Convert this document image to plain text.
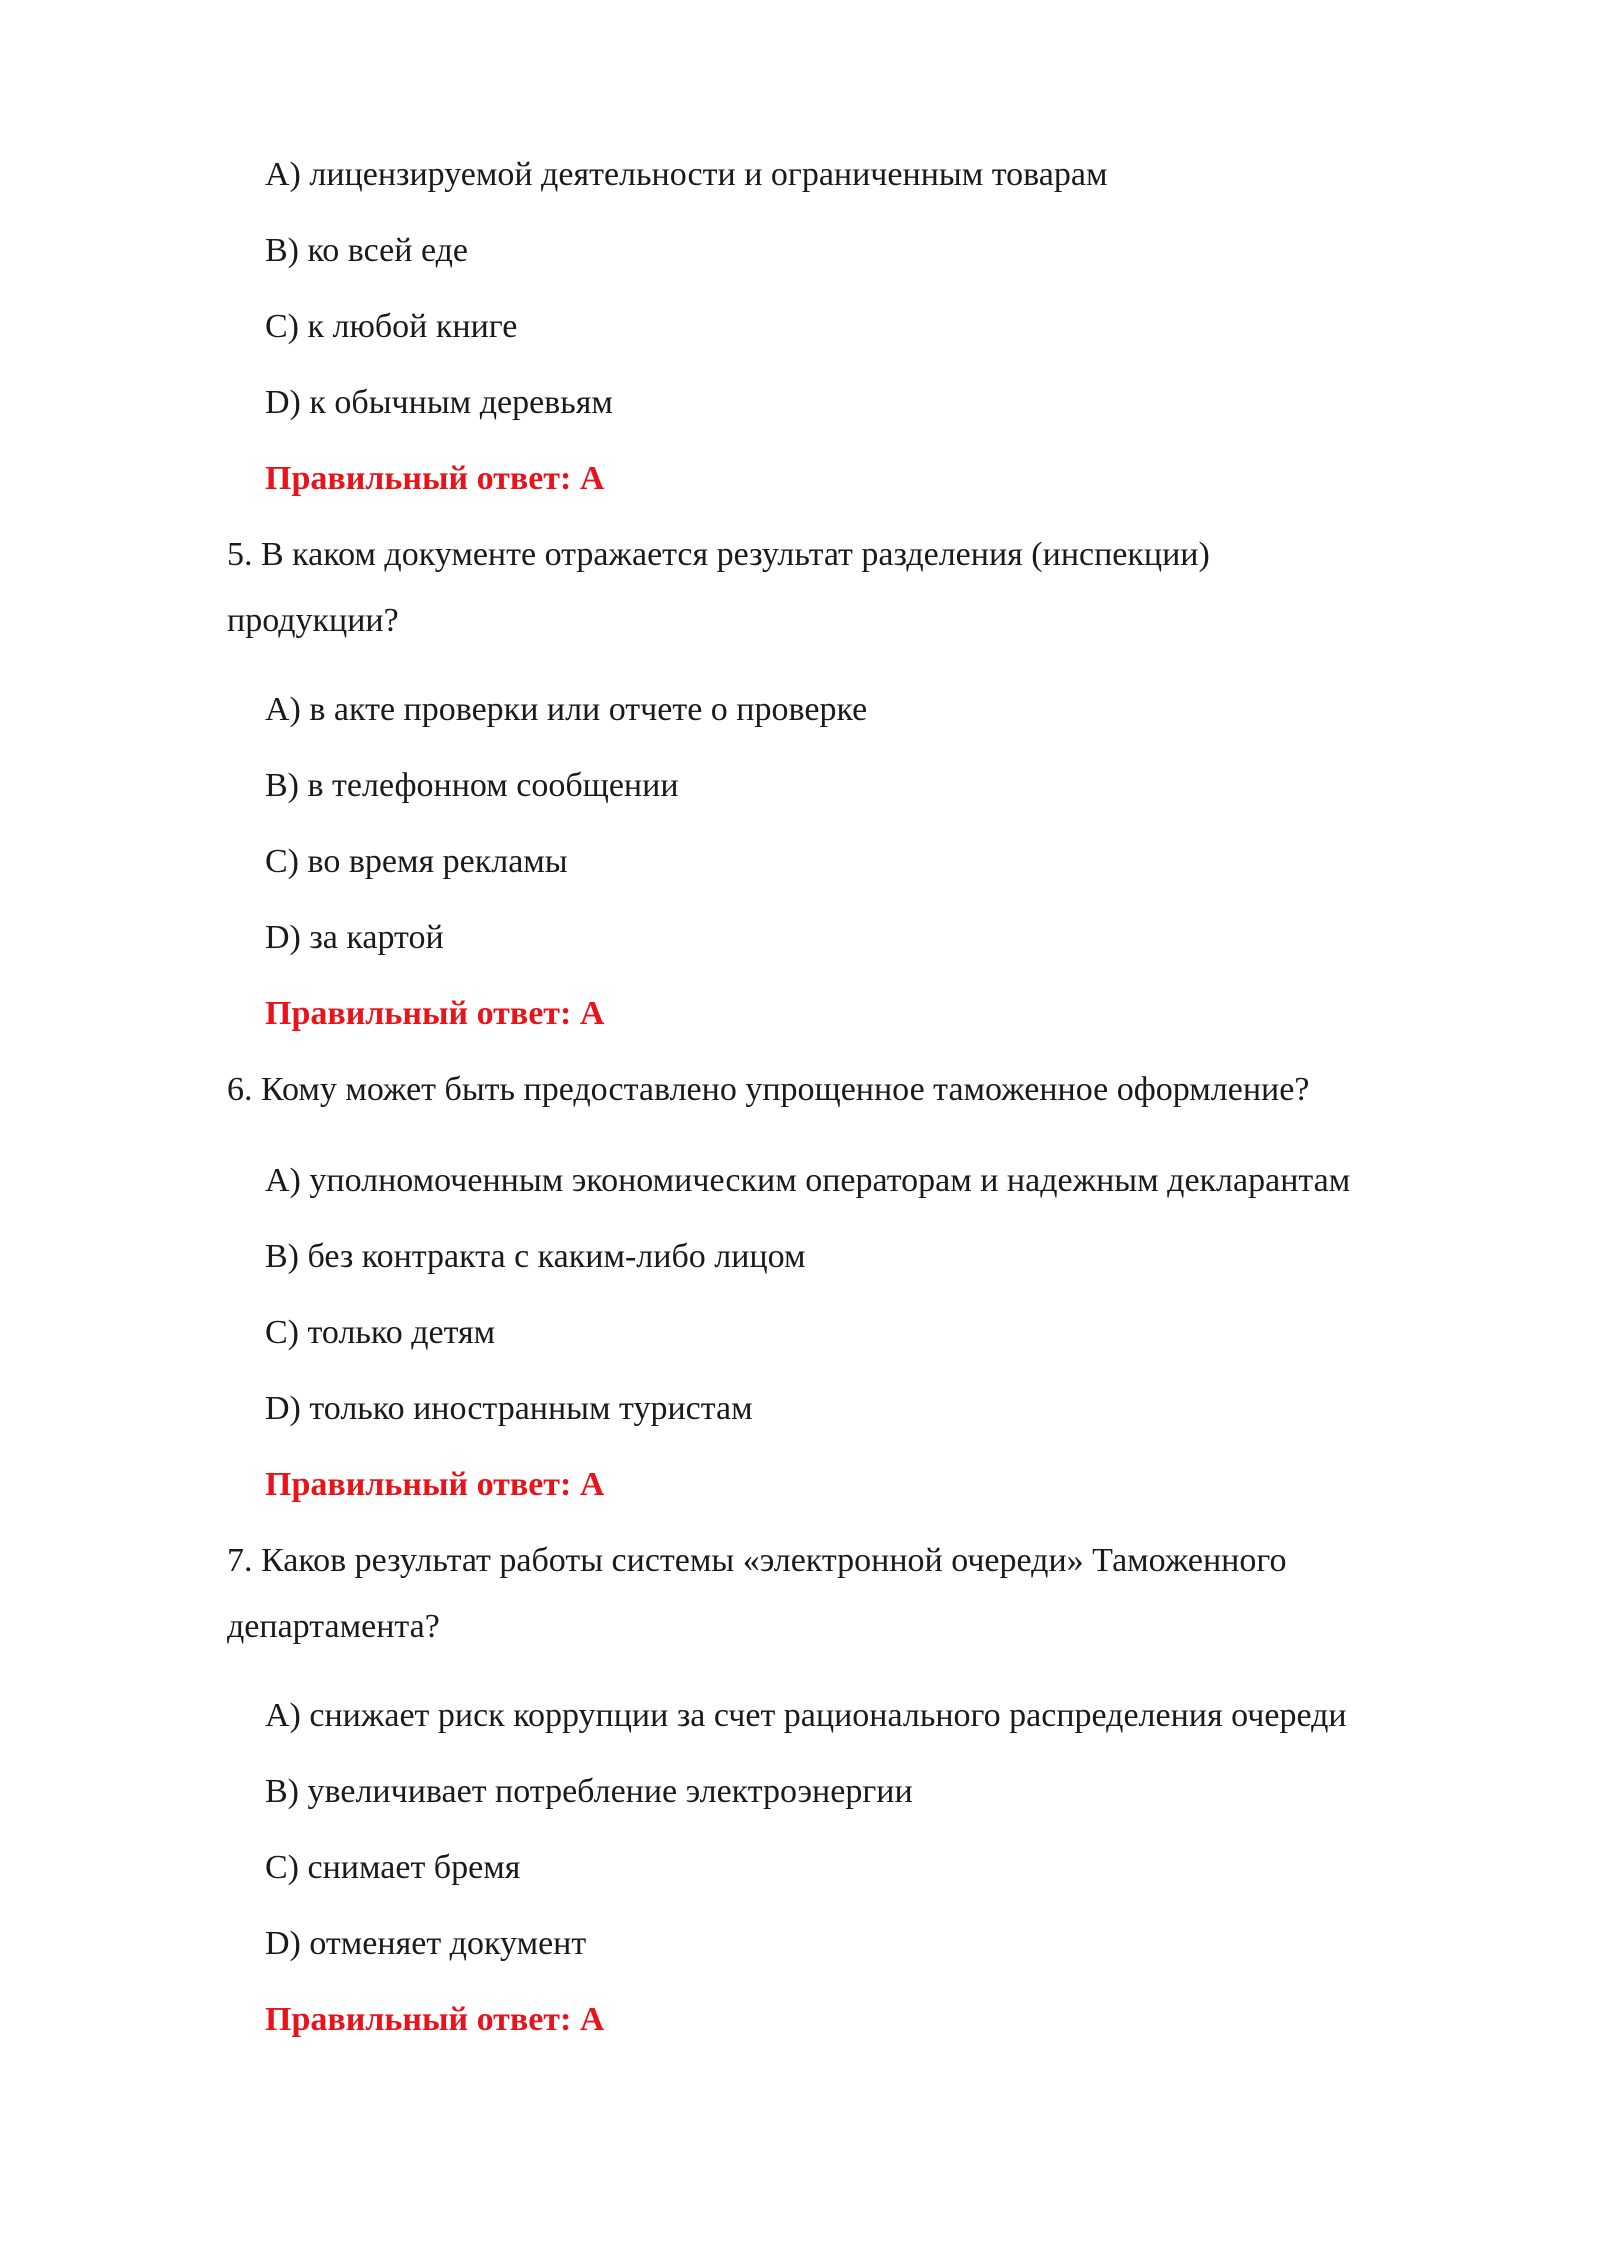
A) лицензируемой деятельности и ограниченным товарам
B) ко всей еде
C) к любой книге
D) к обычным деревьям
Правильный ответ: A
5. В каком документе отражается результат разделения (инспекции)
продукции?
A) в акте проверки или отчете о проверке
B) в телефонном сообщении
C) во время рекламы
D) за картой
Правильный ответ: A
6. Кому может быть предоставлено упрощенное таможенное оформление?
A) уполномоченным экономическим операторам и надежным декларантам
B) без контракта с каким-либо лицом
C) только детям
D) только иностранным туристам
Правильный ответ: A
7. Каков результат работы системы «электронной очереди» Таможенного
департамента?
A) снижает риск коррупции за счет рационального распределения очереди
B) увеличивает потребление электроэнергии
C) снимает бремя
D) отменяет документ
Правильный ответ: A
